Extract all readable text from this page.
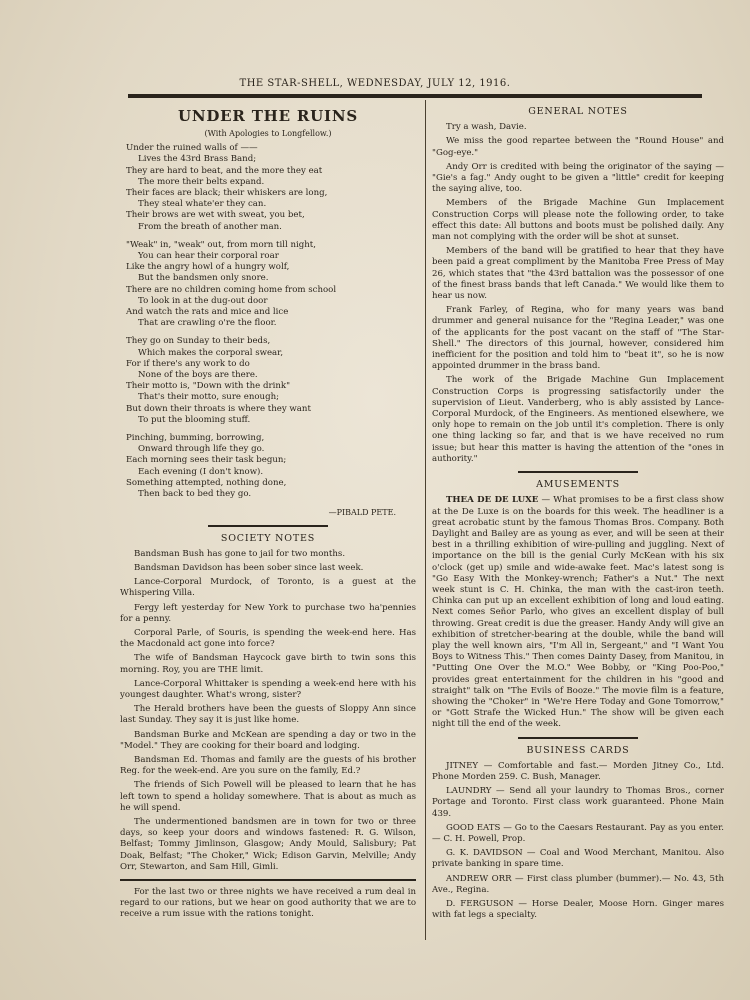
THE STAR-SHELL, WEDNESDAY, JULY 12, 1916.
UNDER THE RUINS
(With Apologies to Longfellow.)

Under the ruined walls of ——

Lives the 43rd Brass Band;

They are hard to beat, and the more they eat

The more their belts expand.

Their faces are black; their whiskers are long,

They steal whate'er they can.

Their brows are wet with sweat, you bet,

From the breath of another man.

"Weak" in, "weak" out, from morn till night,

You can hear their corporal roar

Like the angry howl of a hungry wolf,

But the bandsmen only snore.

There are no children coming home from school

To look in at the dug-out door

And watch the rats and mice and lice

That are crawling o're the floor.

They go on Sunday to their beds,

Which makes the corporal swear,

For if there's any work to do

None of the boys are there.

Their motto is, "Down with the drink"

That's their motto, sure enough;

But down their throats is where they want

To put the blooming stuff.

Pinching, bumming, borrowing,

Onward through life they go.

Each morning sees their task begun;

Each evening (I don't know).

Something attempted, nothing done,

Then back to bed they go.

—PIBALD PETE.
SOCIETY NOTES

Bandsman Bush has gone to jail for two months.

Bandsman Davidson has been sober since last week.

Lance-Corporal Murdock, of Toronto, is a guest at the Whispering Villa.

Fergy left yesterday for New York to purchase two ha'pennies for a penny.

Corporal Parle, of Souris, is spending the week-end here. Has the Macdonald act gone into force?

The wife of Bandsman Haycock gave birth to twin sons this morning. Roy, you are THE limit.

Lance-Corporal Whittaker is spending a week-end here with his youngest daughter. What's wrong, sister?

The Herald brothers have been the guests of Sloppy Ann since last Sunday. They say it is just like home.

Bandsman Burke and McKean are spending a day or two in the "Model." They are cooking for their board and lodging.

Bandsman Ed. Thomas and family are the guests of his brother Reg. for the week-end. Are you sure on the family, Ed.?

The friends of Sich Powell will be pleased to learn that he has left town to spend a holiday somewhere. That is about as much as he will spend.

The undermentioned bandsmen are in town for two or three days, so keep your doors and windows fastened: R. G. Wilson, Belfast; Tommy Jimlinson, Glasgow; Andy Mould, Salisbury; Pat Doak, Belfast; "The Choker," Wick; Edison Garvin, Melville; Andy Orr, Stewarton, and Sam Hill, Gimli.

For the last two or three nights we have received a rum deal in regard to our rations, but we hear on good authority that we are to receive a rum issue with the rations tonight.
GENERAL NOTES

Try a wash, Davie.

We miss the good repartee between the "Round House" and "Gog-eye."

Andy Orr is credited with being the originator of the saying — "Gie's a fag." Andy ought to be given a "little" credit for keeping the saying alive, too.

Members of the Brigade Machine Gun Implacement Construction Corps will please note the following order, to take effect this date: All buttons and boots must be polished daily. Any man not complying with the order will be shot at sunset.

Members of the band will be gratified to hear that they have been paid a great compliment by the Manitoba Free Press of May 26, which states that "the 43rd battalion was the possessor of one of the finest brass bands that left Canada." We would like them to hear us now.

Frank Farley, of Regina, who for many years was band drummer and general nuisance for the "Regina Leader," was one of the applicants for the post vacant on the staff of "The Star-Shell." The directors of this journal, however, considered him inefficient for the position and told him to "beat it", so he is now appointed drummer in the brass band.

The work of the Brigade Machine Gun Implacement Construction Corps is progressing satisfactorily under the supervision of Lieut. Vanderberg, who is ably assisted by Lance-Corporal Murdock, of the Engineers. As mentioned elsewhere, we only hope to remain on the job until it's completion. There is only one thing lacking so far, and that is we have received no rum issue; but hear this matter is having the attention of the "ones in authority."

AMUSEMENTS

THEA DE DE LUXE — What promises to be a first class show at the De Luxe is on the boards for this week. The headliner is a great acrobatic stunt by the famous Thomas Bros. Company. Both Daylight and Bailey are as young as ever, and will be seen at their best in a thrilling exhibition of wire-pulling and juggling. Next of importance on the bill is the genial Curly McKean with his six o'clock (get up) smile and wide-awake feet. Mac's latest song is "Go Easy With the Monkey-wrench; Father's a Nut." The next week stunt is C. H. Chinka, the man with the cast-iron teeth. Chinka can put up an excellent exhibition of long and loud eating. Next comes Señor Parlo, who gives an excellent display of bull throwing. Great credit is due the greaser. Handy Andy will give an exhibition of stretcher-bearing at the double, while the band will play the well known airs, "I'm All in, Sergeant," and "I Want You Boys to Witness This." Then comes Dainty Dasey, from Manitou, in "Putting One Over the M.O." Wee Bobby, or "King Poo-Poo," provides great entertainment for the children in his "good and straight" talk on "The Evils of Booze." The movie film is a feature, showing the "Choker" in "We're Here Today and Gone Tomorrow," or "Gott Strafe the Wicked Hun." The show will be given each night till the end of the week.

BUSINESS CARDS

JITNEY — Comfortable and fast.— Morden Jitney Co., Ltd. Phone Morden 259. C. Bush, Manager.

LAUNDRY — Send all your laundry to Thomas Bros., corner Portage and Toronto. First class work guaranteed. Phone Main 439.

GOOD EATS — Go to the Caesars Restaurant. Pay as you enter.— C. H. Powell, Prop.

G. K. DAVIDSON — Coal and Wood Merchant, Manitou. Also private banking in spare time.

ANDREW ORR — First class plumber (bummer).— No. 43, 5th Ave., Regina.

D. FERGUSON — Horse Dealer, Moose Horn. Ginger mares with fat legs a specialty.
